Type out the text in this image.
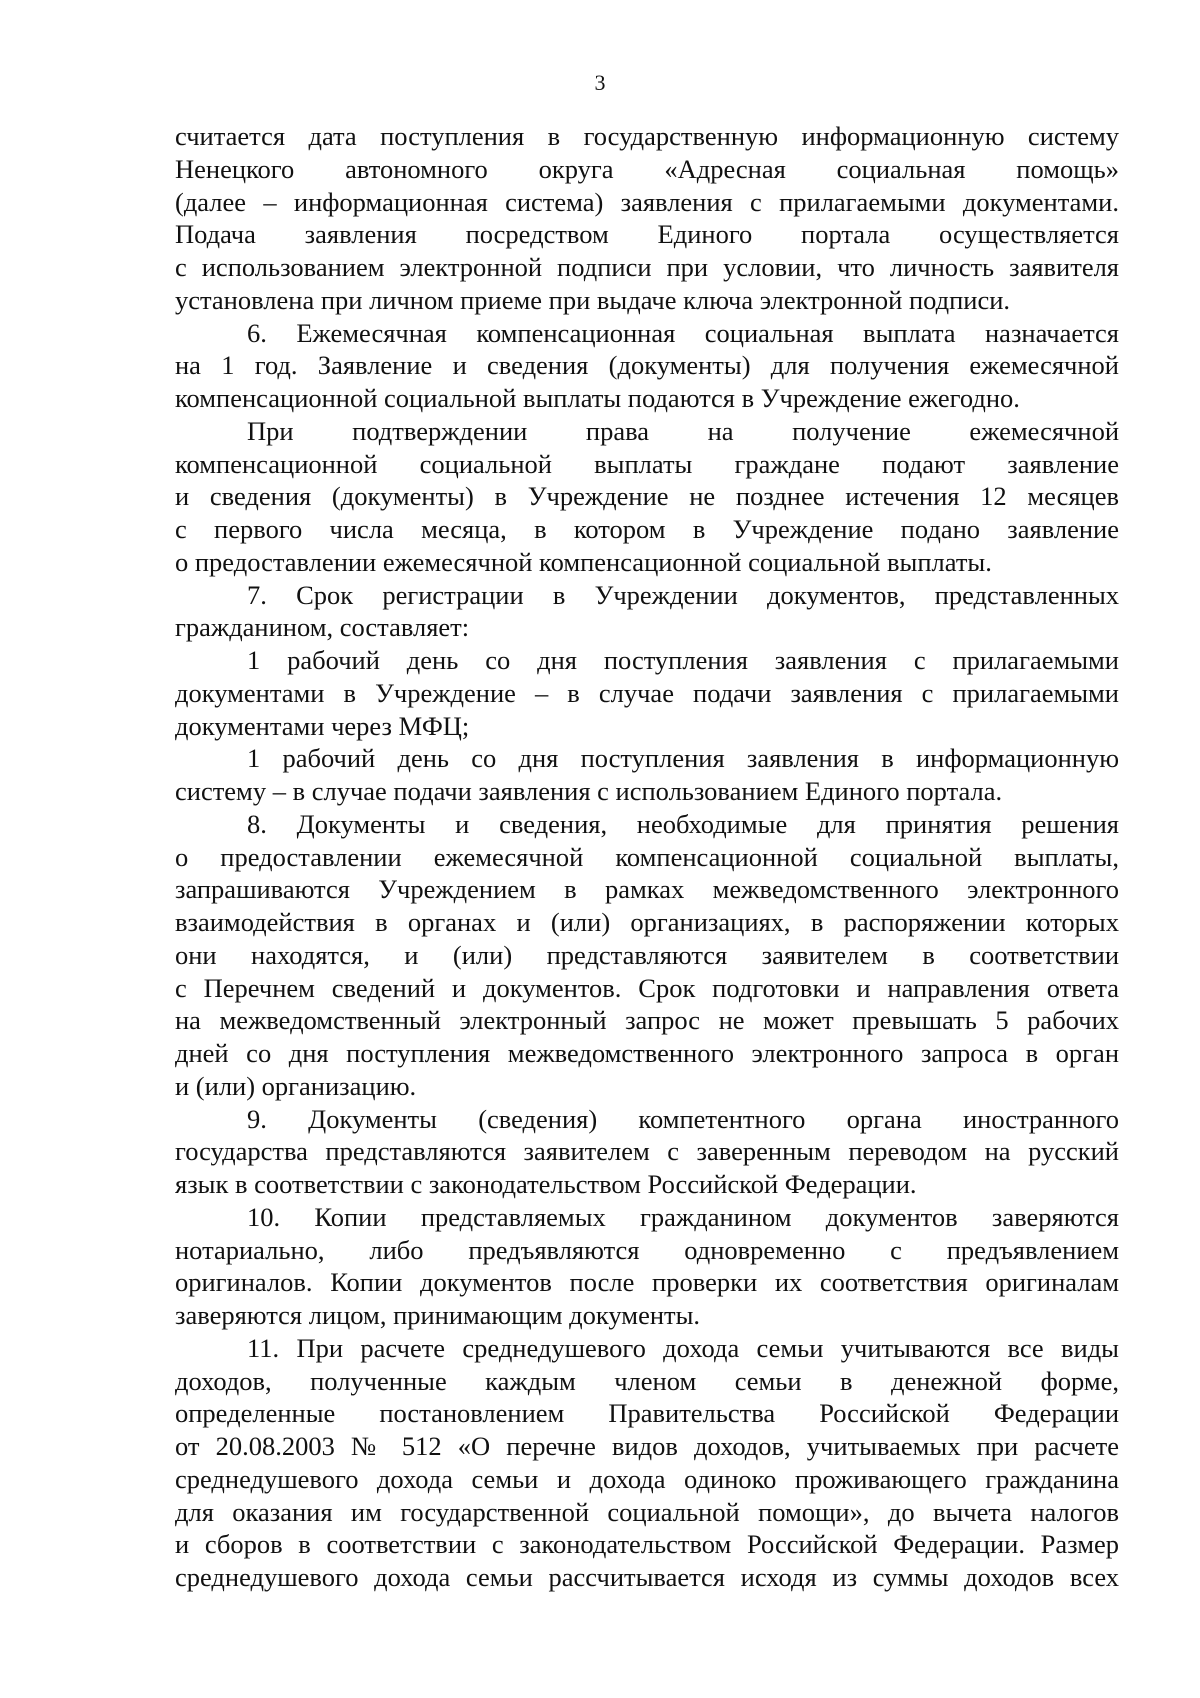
3
считается дата поступления в государственную информационную систему
Ненецкого автономного округа «Адресная социальная помощь»
(далее – информационная система) заявления с прилагаемыми документами.
Подача заявления посредством Единого портала осуществляется
с использованием электронной подписи при условии, что личность заявителя
установлена при личном приеме при выдаче ключа электронной подписи.
6. Ежемесячная компенсационная социальная выплата назначается
на 1 год. Заявление и сведения (документы) для получения ежемесячной
компенсационной социальной выплаты подаются в Учреждение ежегодно.
При подтверждении права на получение ежемесячной
компенсационной социальной выплаты граждане подают заявление
и сведения (документы) в Учреждение не позднее истечения 12 месяцев
с первого числа месяца, в котором в Учреждение подано заявление
о предоставлении ежемесячной компенсационной социальной выплаты.
7. Срок регистрации в Учреждении документов, представленных
гражданином, составляет:
1 рабочий день со дня поступления заявления с прилагаемыми
документами в Учреждение – в случае подачи заявления с прилагаемыми
документами через МФЦ;
1 рабочий день со дня поступления заявления в информационную
систему – в случае подачи заявления с использованием Единого портала.
8. Документы и сведения, необходимые для принятия решения
о предоставлении ежемесячной компенсационной социальной выплаты,
запрашиваются Учреждением в рамках межведомственного электронного
взаимодействия в органах и (или) организациях, в распоряжении которых
они находятся, и (или) представляются заявителем в соответствии
с Перечнем сведений и документов. Срок подготовки и направления ответа
на межведомственный электронный запрос не может превышать 5 рабочих
дней со дня поступления межведомственного электронного запроса в орган
и (или) организацию.
9. Документы (сведения) компетентного органа иностранного
государства представляются заявителем с заверенным переводом на русский
язык в соответствии с законодательством Российской Федерации.
10. Копии представляемых гражданином документов заверяются
нотариально, либо предъявляются одновременно с предъявлением
оригиналов. Копии документов после проверки их соответствия оригиналам
заверяются лицом, принимающим документы.
11. При расчете среднедушевого дохода семьи учитываются все виды
доходов, полученные каждым членом семьи в денежной форме,
определенные постановлением Правительства Российской Федерации
от 20.08.2003 № 512 «О перечне видов доходов, учитываемых при расчете
среднедушевого дохода семьи и дохода одиноко проживающего гражданина
для оказания им государственной социальной помощи», до вычета налогов
и сборов в соответствии с законодательством Российской Федерации. Размер
среднедушевого дохода семьи рассчитывается исходя из суммы доходов всех
